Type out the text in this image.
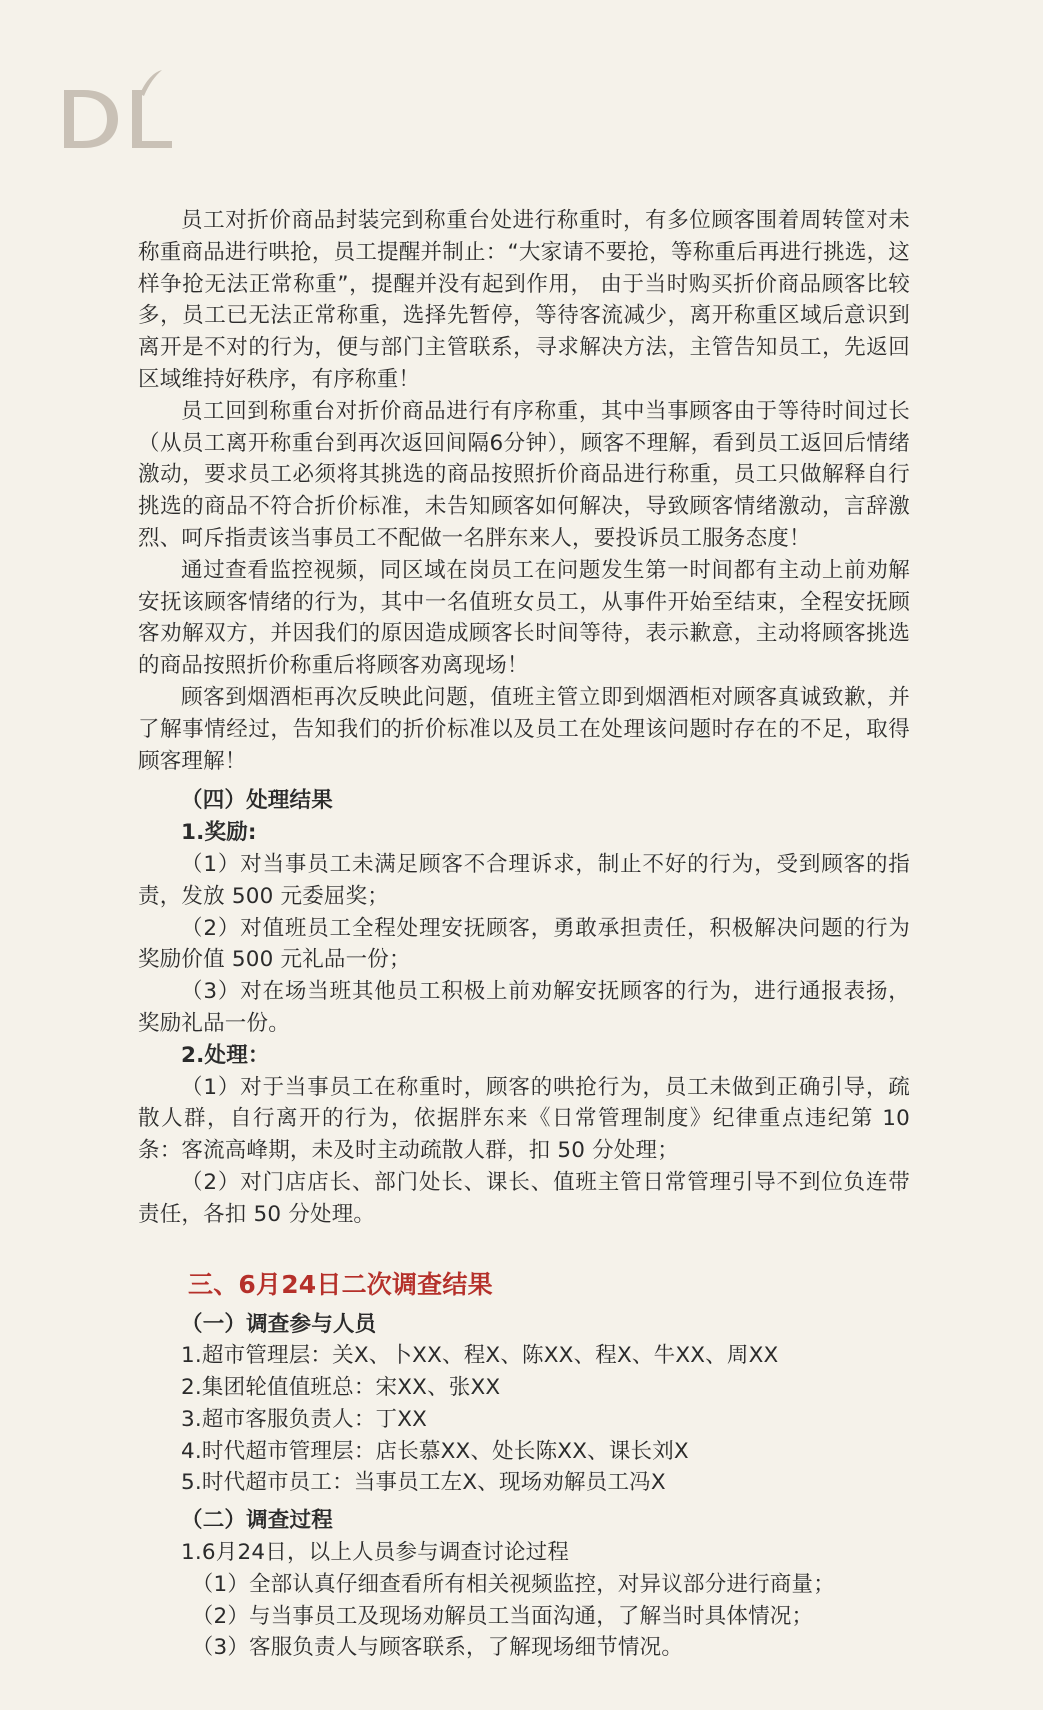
员工对折价商品封装完到称重台处进行称重时，有多位顾客围着周转筐对未称重商品进行哄抢，员工提醒并制止：“大家请不要抢，等称重后再进行挑选，这样争抢无法正常称重”，提醒并没有起到作用， 由于当时购买折价商品顾客比较多，员工已无法正常称重，选择先暂停，等待客流减少，离开称重区域后意识到离开是不对的行为，便与部门主管联系，寻求解决方法，主管告知员工，先返回区域维持好秩序，有序称重！

员工回到称重台对折价商品进行有序称重，其中当事顾客由于等待时间过长（从员工离开称重台到再次返回间隔6分钟），顾客不理解，看到员工返回后情绪激动，要求员工必须将其挑选的商品按照折价商品进行称重，员工只做解释自行挑选的商品不符合折价标准，未告知顾客如何解决，导致顾客情绪激动，言辞激烈、呵斥指责该当事员工不配做一名胖东来人，要投诉员工服务态度！

通过查看监控视频，同区域在岗员工在问题发生第一时间都有主动上前劝解安抚该顾客情绪的行为，其中一名值班女员工，从事件开始至结束，全程安抚顾客劝解双方，并因我们的原因造成顾客长时间等待，表示歉意，主动将顾客挑选的商品按照折价称重后将顾客劝离现场！

顾客到烟酒柜再次反映此问题，值班主管立即到烟酒柜对顾客真诚致歉，并了解事情经过，告知我们的折价标准以及员工在处理该问题时存在的不足，取得顾客理解！

（四）处理结果

1.奖励:

（1）对当事员工未满足顾客不合理诉求，制止不好的行为，受到顾客的指责，发放 500 元委屈奖；

（2）对值班员工全程处理安抚顾客，勇敢承担责任，积极解决问题的行为奖励价值 500 元礼品一份；

（3）对在场当班其他员工积极上前劝解安抚顾客的行为，进行通报表扬，奖励礼品一份。

2.处理：

（1）对于当事员工在称重时，顾客的哄抢行为，员工未做到正确引导，疏散人群，自行离开的行为，依据胖东来《日常管理制度》纪律重点违纪第 10 条：客流高峰期，未及时主动疏散人群，扣 50 分处理；

（2）对门店店长、部门处长、课长、值班主管日常管理引导不到位负连带责任，各扣 50 分处理。

三、6月24日二次调查结果

（一）调查参与人员

1.超市管理层：关X、卜XX、程X、陈XX、程X、牛XX、周XX

2.集团轮值值班总：宋XX、张XX

3.超市客服负责人：丁XX

4.时代超市管理层：店长慕XX、处长陈XX、课长刘X

5.时代超市员工：当事员工左X、现场劝解员工冯X

（二）调查过程

1.6月24日，以上人员参与调查讨论过程

（1）全部认真仔细查看所有相关视频监控，对异议部分进行商量；

（2）与当事员工及现场劝解员工当面沟通，了解当时具体情况；

（3）客服负责人与顾客联系，了解现场细节情况。
